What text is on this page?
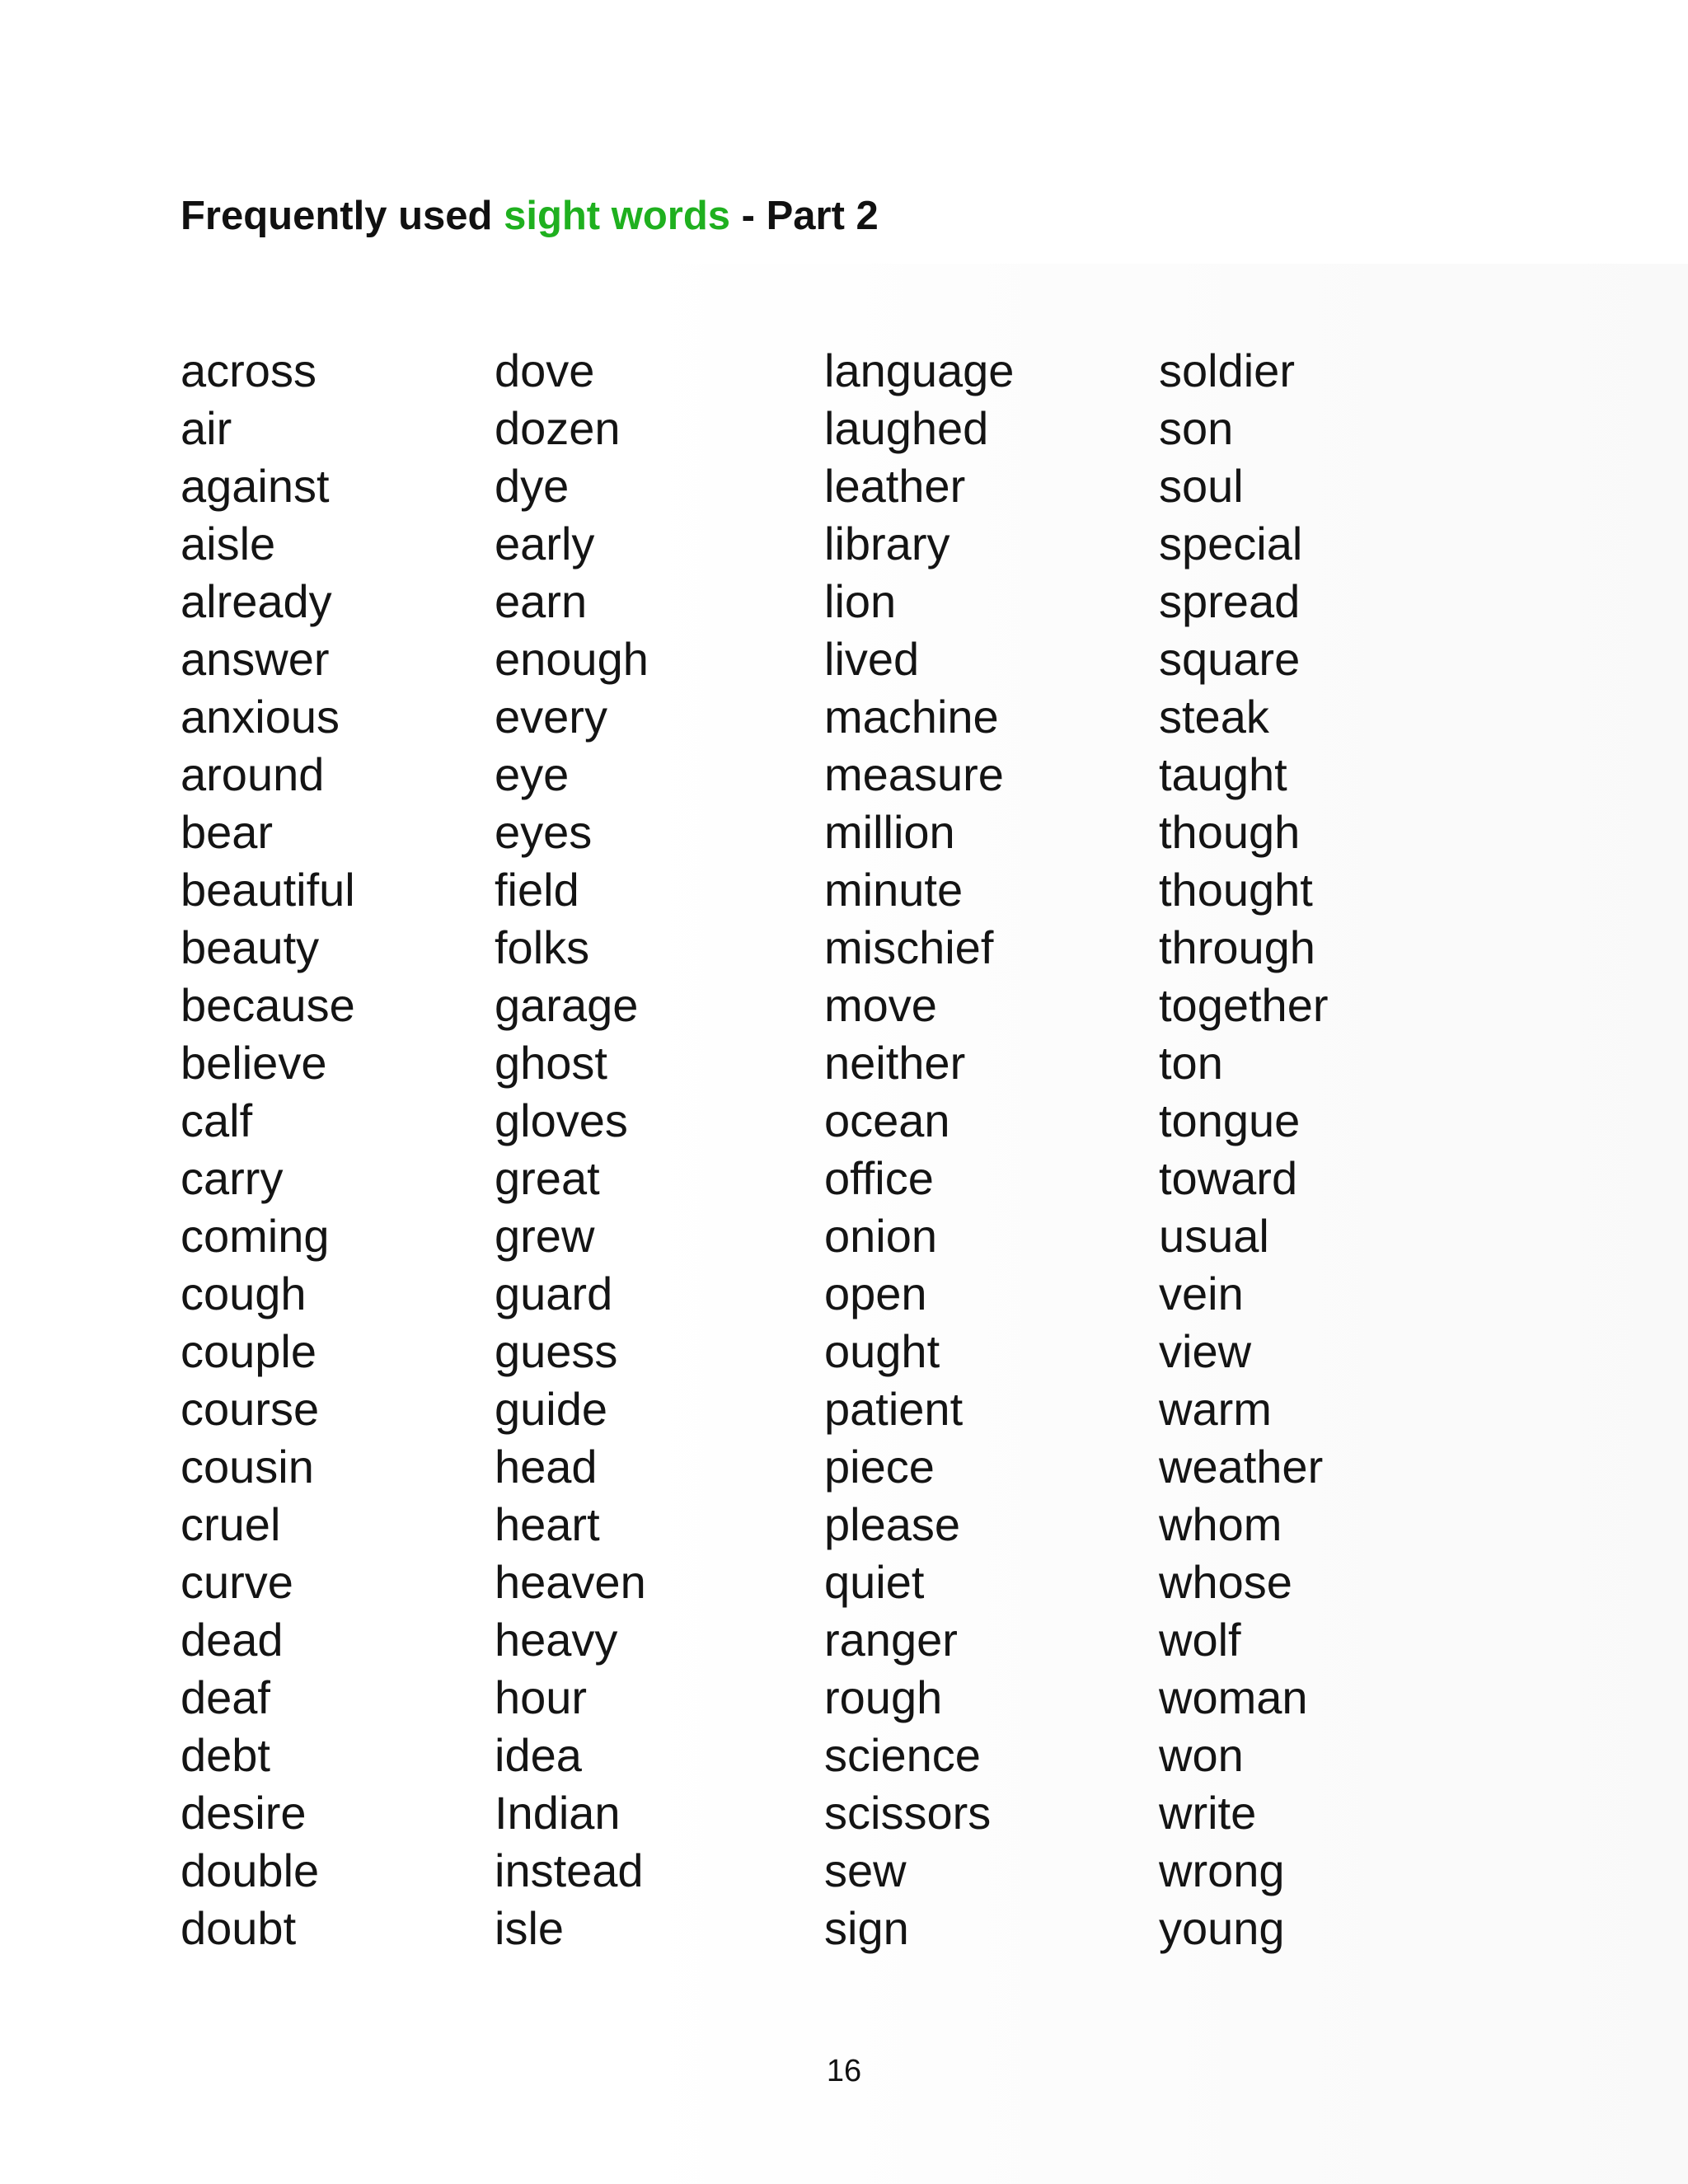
Frequently used sight words - Part 2
across
air
against
aisle
already
answer
anxious
around
bear
beautiful
beauty
because
believe
calf
carry
coming
cough
couple
course
cousin
cruel
curve
dead
deaf
debt
desire
double
doubt
dove
dozen
dye
early
earn
enough
every
eye
eyes
field
folks
garage
ghost
gloves
great
grew
guard
guess
guide
head
heart
heaven
heavy
hour
idea
Indian
instead
isle
language
laughed
leather
library
lion
lived
machine
measure
million
minute
mischief
move
neither
ocean
office
onion
open
ought
patient
piece
please
quiet
ranger
rough
science
scissors
sew
sign
soldier
son
soul
special
spread
square
steak
taught
though
thought
through
together
ton
tongue
toward
usual
vein
view
warm
weather
whom
whose
wolf
woman
won
write
wrong
young
16
